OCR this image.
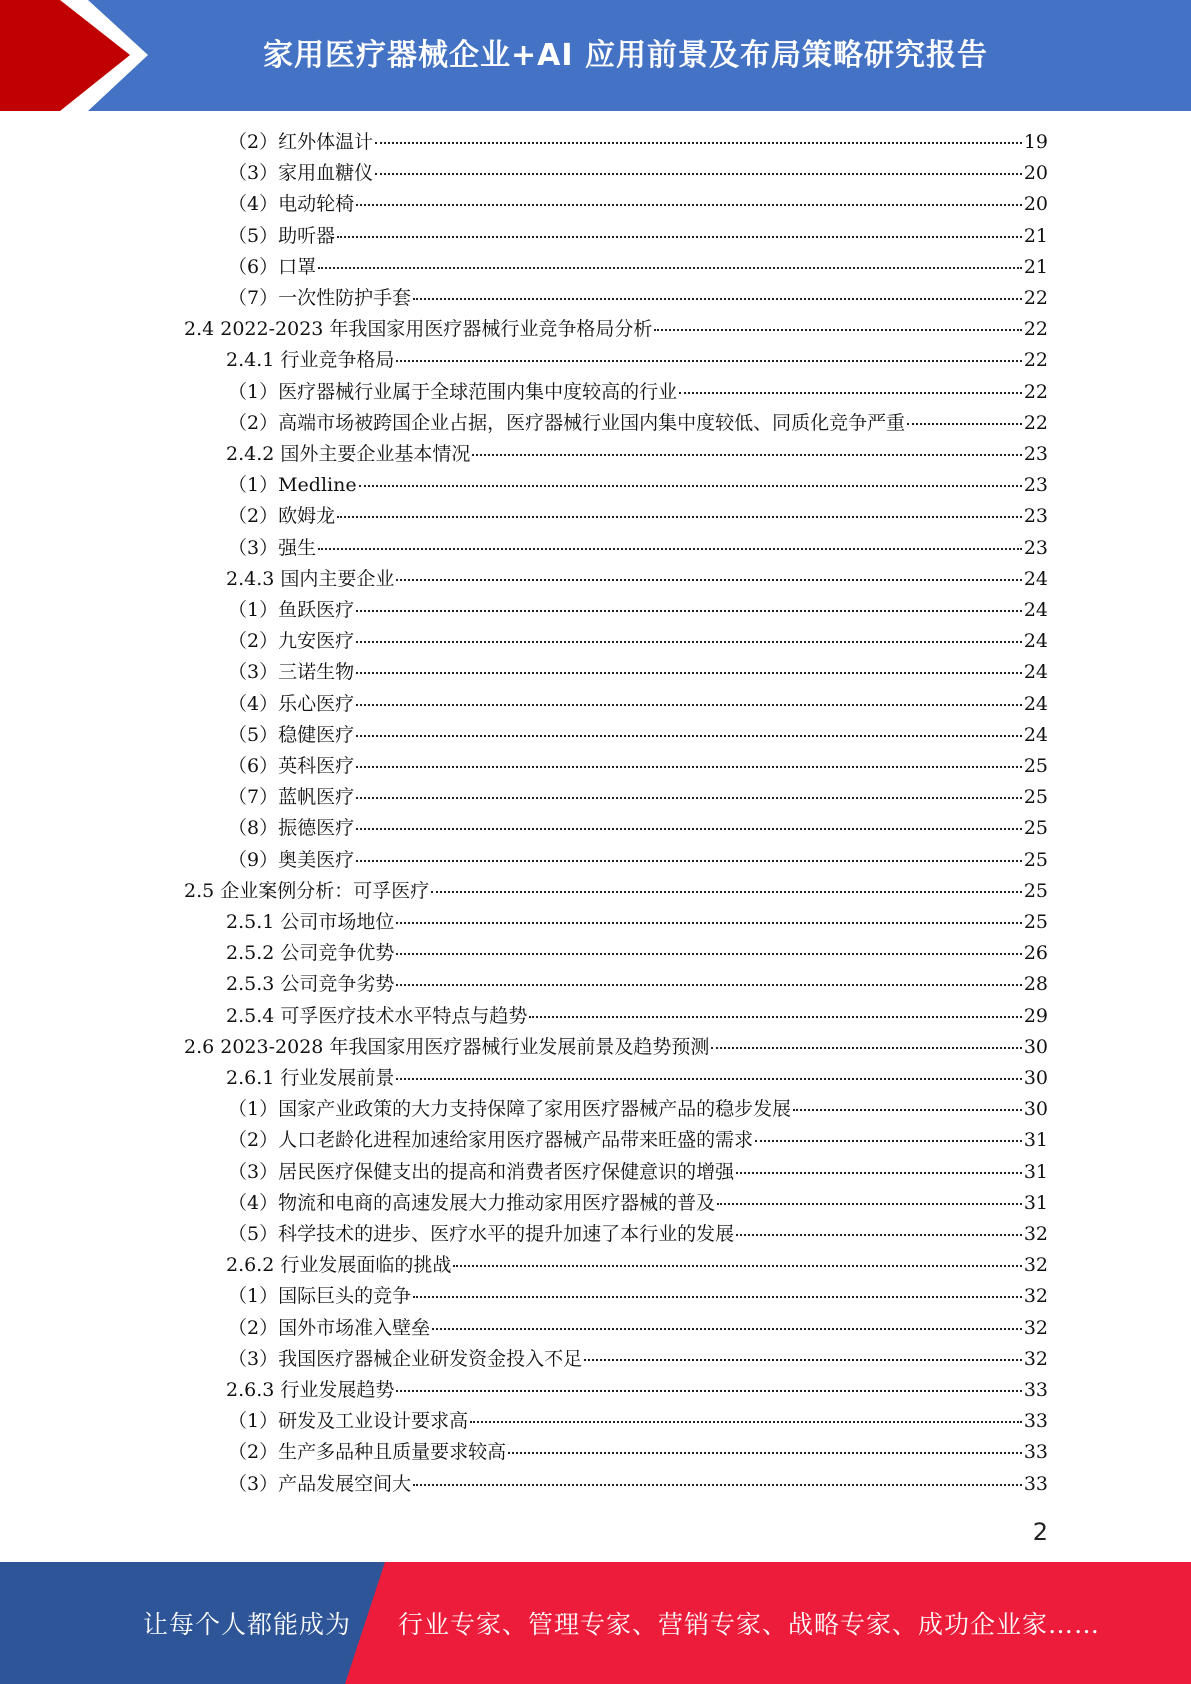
家用医疗器械企业+AI 应用前景及布局策略研究报告
（2）红外体温计	19
（3）家用血糖仪	20
（4）电动轮椅	20
（5）助听器	21
（6）口罩	21
（7）一次性防护手套	22
2.4 2022-2023 年我国家用医疗器械行业竞争格局分析	22
2.4.1 行业竞争格局	22
（1）医疗器械行业属于全球范围内集中度较高的行业	22
（2）高端市场被跨国企业占据，医疗器械行业国内集中度较低、同质化竞争严重	22
2.4.2 国外主要企业基本情况	23
（1）Medline	23
（2）欧姆龙	23
（3）强生	23
2.4.3 国内主要企业	24
（1）鱼跃医疗	24
（2）九安医疗	24
（3）三诺生物	24
（4）乐心医疗	24
（5）稳健医疗	24
（6）英科医疗	25
（7）蓝帆医疗	25
（8）振德医疗	25
（9）奥美医疗	25
2.5 企业案例分析：可孚医疗	25
2.5.1 公司市场地位	25
2.5.2 公司竞争优势	26
2.5.3 公司竞争劣势	28
2.5.4 可孚医疗技术水平特点与趋势	29
2.6 2023-2028 年我国家用医疗器械行业发展前景及趋势预测	30
2.6.1 行业发展前景	30
（1）国家产业政策的大力支持保障了家用医疗器械产品的稳步发展	30
（2）人口老龄化进程加速给家用医疗器械产品带来旺盛的需求	31
（3）居民医疗保健支出的提高和消费者医疗保健意识的增强	31
（4）物流和电商的高速发展大力推动家用医疗器械的普及	31
（5）科学技术的进步、医疗水平的提升加速了本行业的发展	32
2.6.2 行业发展面临的挑战	32
（1）国际巨头的竞争	32
（2）国外市场准入壁垒	32
（3）我国医疗器械企业研发资金投入不足	32
2.6.3 行业发展趋势	33
（1）研发及工业设计要求高	33
（2）生产多品种且质量要求较高	33
（3）产品发展空间大	33
2
让每个人都能成为 行业专家、管理专家、营销专家、战略专家、成功企业家……
